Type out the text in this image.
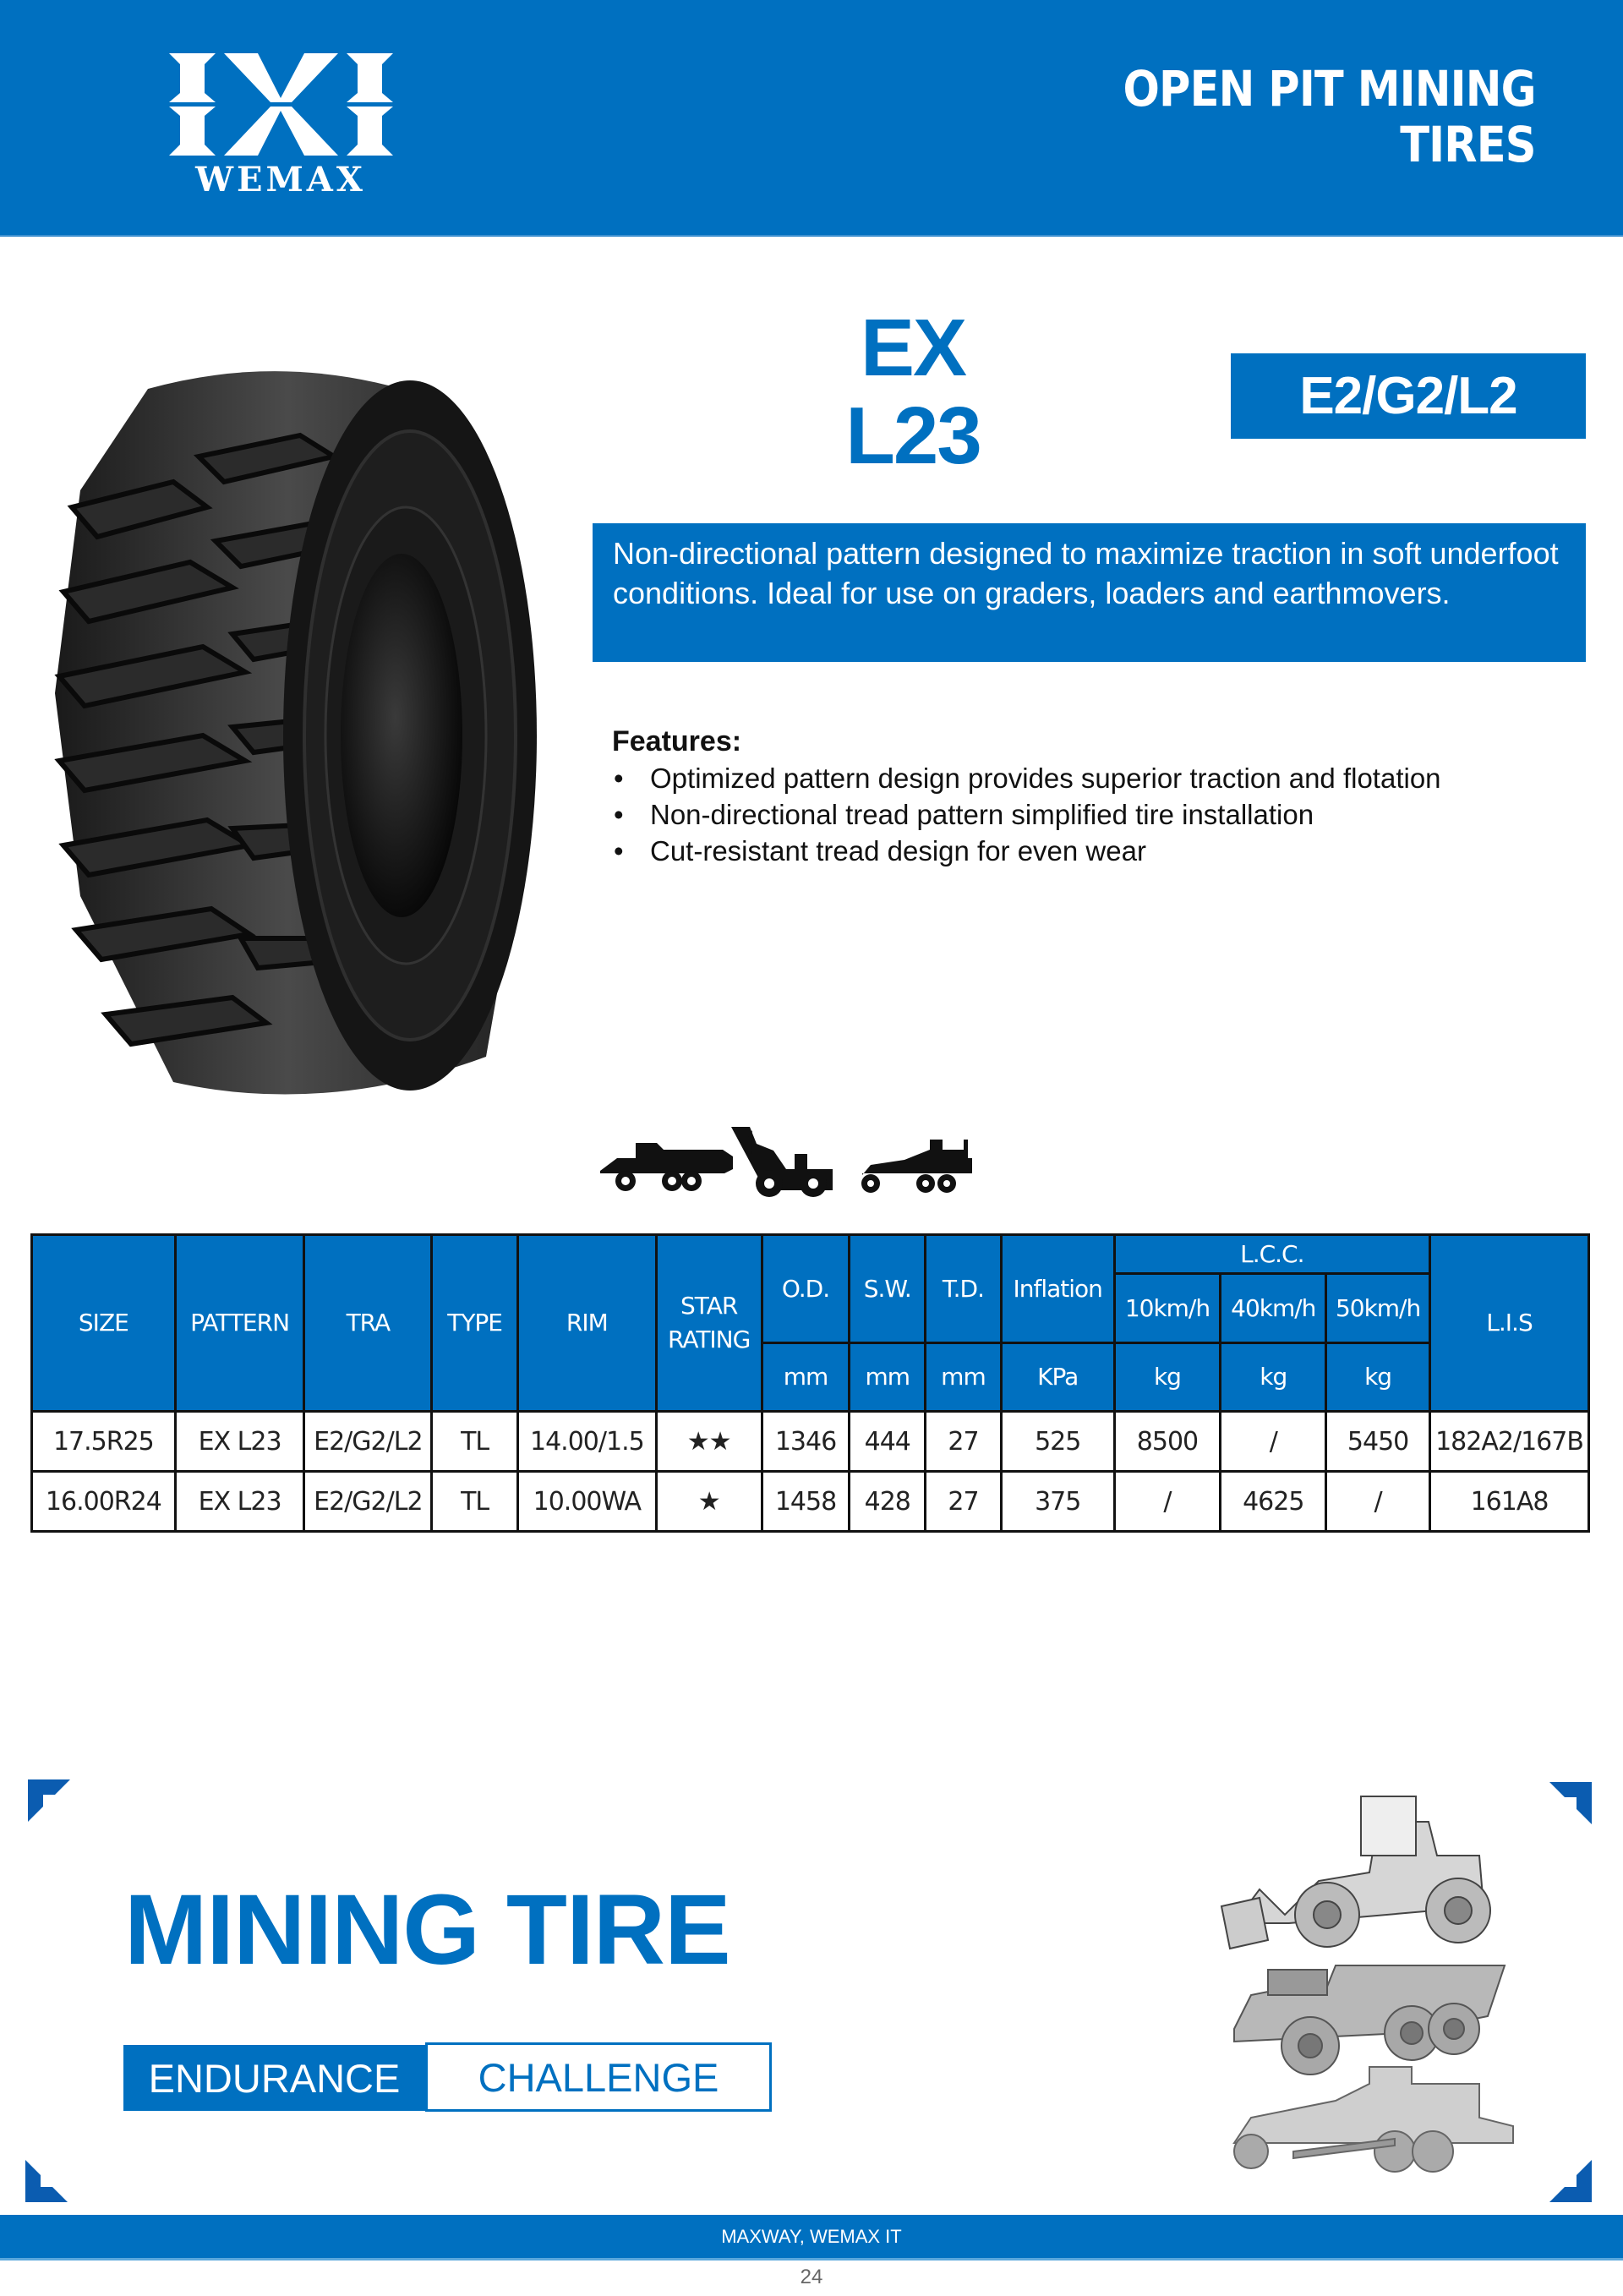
WEMAX
OPEN PIT MINING
TIRES
EX
L23	E2/G2/L2
Non-directional pattern designed to maximize traction in soft underfoot conditions. Ideal for use on graders, loaders and earthmovers.
Features:
• Optimized pattern design provides superior traction and flotation
• Non-directional tread pattern simplified tire installation
• Cut-resistant tread design for even wear
SIZE	PATTERN	TRA	TYPE	RIM	STAR RATING	O.D.	S.W.	T.D.	Inflation	L.C.C.			L.I.S
										10km/h	40km/h	50km/h	
						mm	mm	mm	KPa	kg	kg	kg	
17.5R25	EX L23	E2/G2/L2	TL	14.00/1.5	★★	1346	444	27	525	8500	/	5450	182A2/167B
16.00R24	EX L23	E2/G2/L2	TL	10.00WA	★	1458	428	27	375	/	4625	/	161A8
MINING TIRE
ENDURANCE	CHALLENGE
MAXWAY, WEMAX IT
24
